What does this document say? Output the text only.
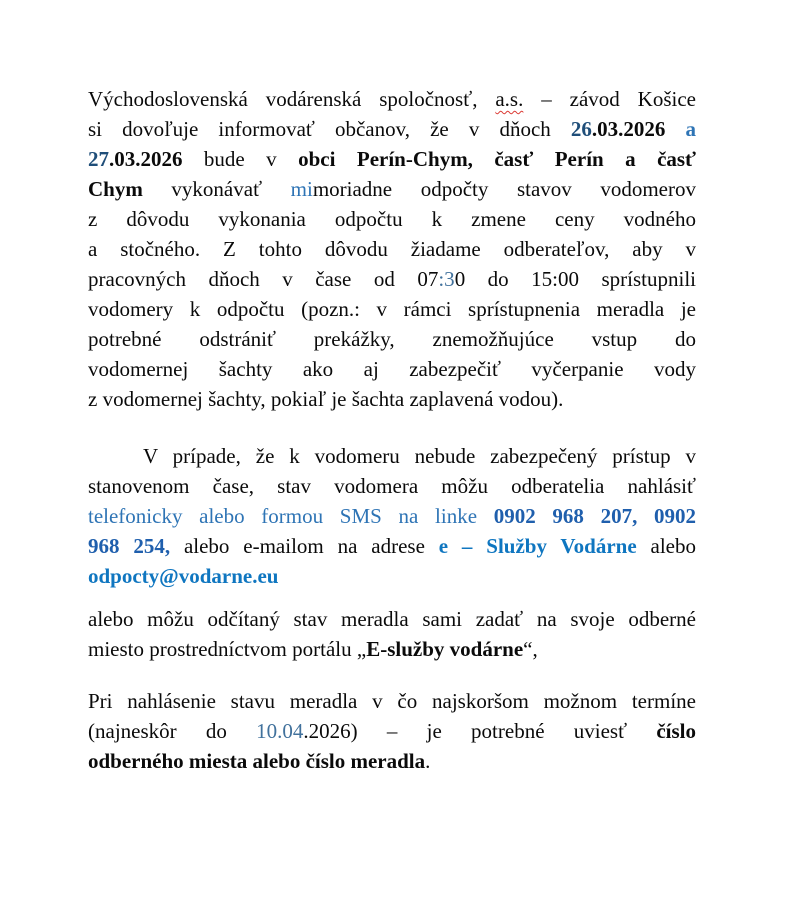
Východoslovenská vodárenská spoločnosť, a.s. – závod Košice
si dovoľuje informovať občanov, že v dňoch 26.03.2026 a
27.03.2026 bude v obci Perín-Chym, časť Perín a časť
Chym vykonávať mimoriadne odpočty stavov vodomerov
z dôvodu vykonania odpočtu k zmene ceny vodného
a stočného. Z tohto dôvodu žiadame odberateľov, aby v
pracovných dňoch v čase od 07:30 do 15:00 sprístupnili
vodomery k odpočtu (pozn.: v rámci sprístupnenia meradla je
potrebné odstrániť prekážky, znemožňujúce vstup do
vodomernej šachty ako aj zabezpečiť vyčerpanie vody
z vodomernej šachty, pokiaľ je šachta zaplavená vodou).
V prípade, že k vodomeru nebude zabezpečený prístup v
stanovenom čase, stav vodomera môžu odberatelia nahlásiť
telefonicky alebo formou SMS na linke 0902 968 207, 0902
968 254, alebo e-mailom na adrese e – Služby Vodárne alebo
odpocty@vodarne.eu
alebo môžu odčítaný stav meradla sami zadať na svoje odberné
miesto prostredníctvom portálu „E-služby vodárne“,
Pri nahlásenie stavu meradla v čo najskoršom možnom termíne
(najneskôr do 10.04.2026) – je potrebné uviesť číslo
odberného miesta alebo číslo meradla.
